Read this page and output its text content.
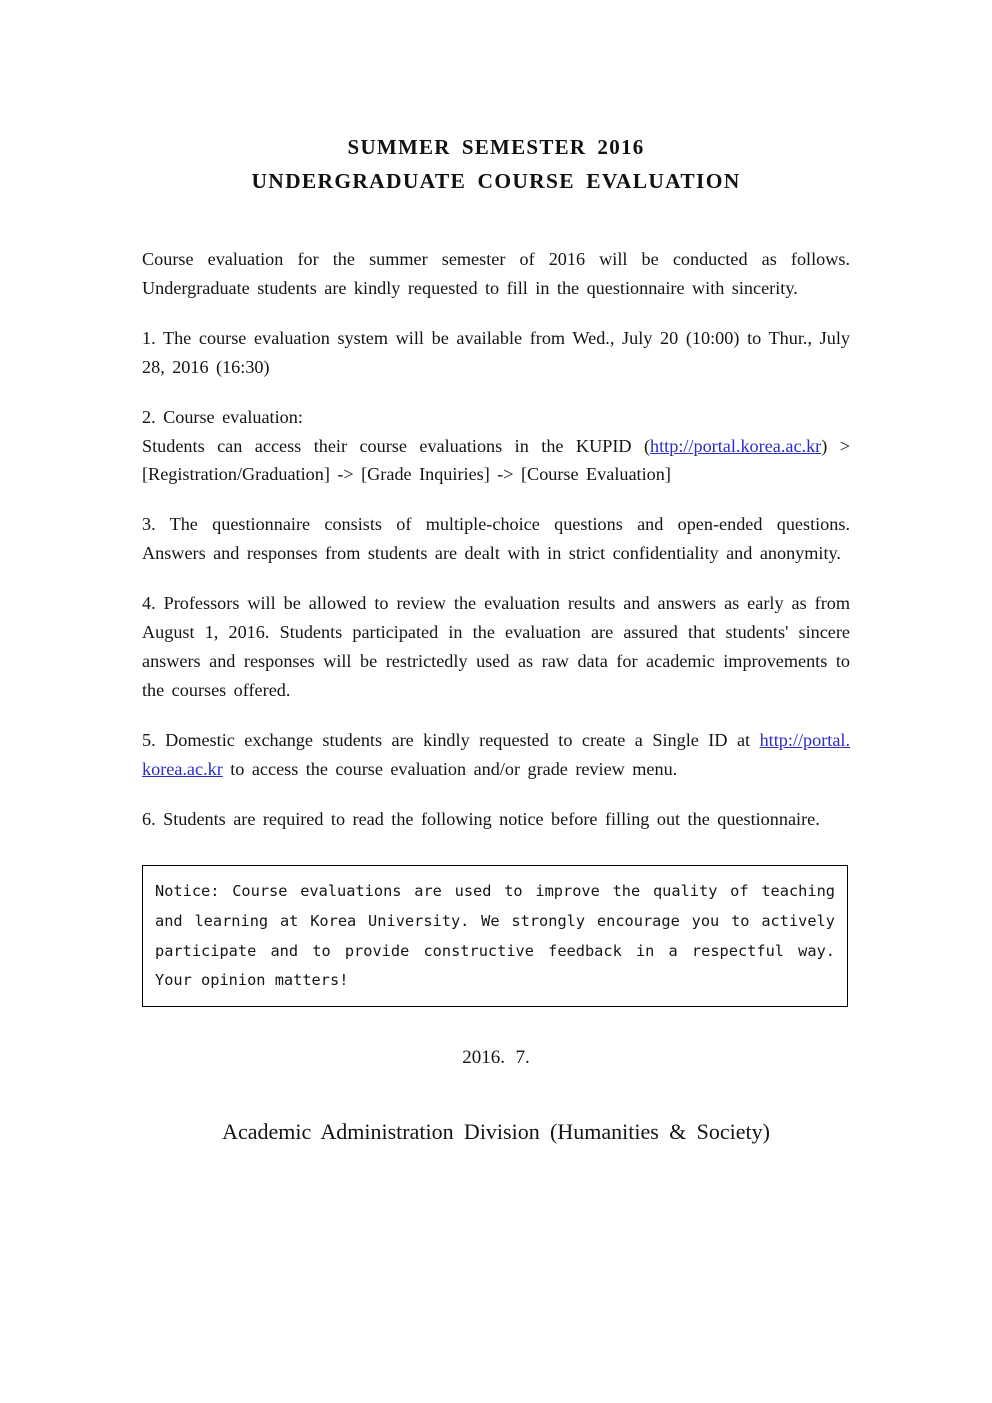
SUMMER SEMESTER 2016
UNDERGRADUATE COURSE EVALUATION

Course evaluation for the summer semester of 2016 will be conducted as follows. Undergraduate students are kindly requested to fill in the questionnaire with sincerity.

1. The course evaluation system will be available from Wed., July 20 (10:00) to Thur., July 28, 2016 (16:30)

2. Course evaluation:

Students can access their course evaluations in the KUPID (http://portal.korea.ac.kr) > [Registration/Graduation] -> [Grade Inquiries] -> [Course Evaluation]

3. The questionnaire consists of multiple-choice questions and open-ended questions. Answers and responses from students are dealt with in strict confidentiality and anonymity.

4. Professors will be allowed to review the evaluation results and answers as early as from August 1, 2016. Students participated in the evaluation are assured that students' sincere answers and responses will be restrictedly used as raw data for academic improvements to the courses offered.

5. Domestic exchange students are kindly requested to create a Single ID at http://portal. korea.ac.kr to access the course evaluation and/or grade review menu.

6. Students are required to read the following notice before filling out the questionnaire.

Notice: Course evaluations are used to improve the quality of teaching and learning at Korea University. We strongly encourage you to actively participate and to provide constructive feedback in a respectful way. Your opinion matters!

2016. 7.
Academic Administration Division (Humanities & Society)
